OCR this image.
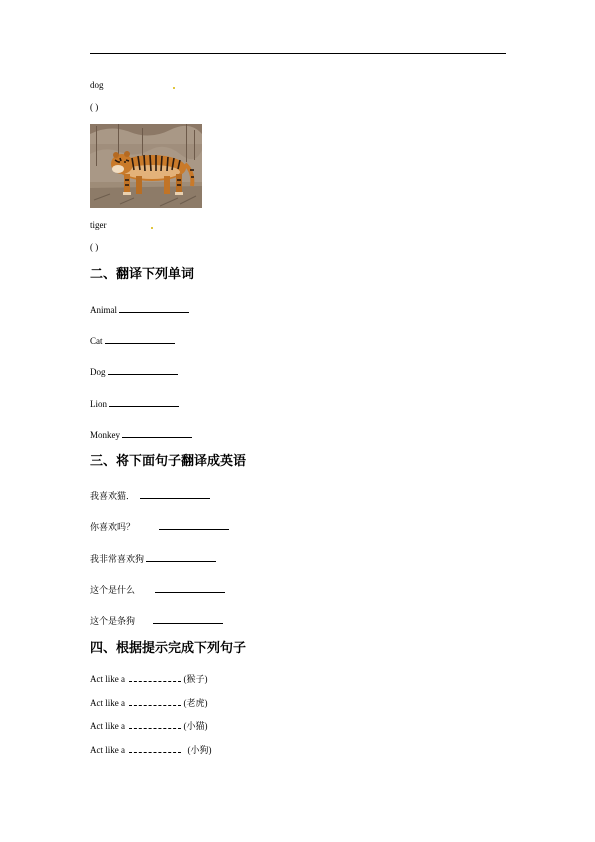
dog
( )
tiger
( )
二、翻译下列单词
Animal
Cat
Dog
Lion
Monkey
三、将下面句子翻译成英语
我喜欢猫．
你喜欢吗？
我非常喜欢狗
这个是什么
这个是条狗
四、根据提示完成下列句子
Act like a	(猴子)
Act like a	(老虎)
Act like a	(小猫)
Act like a	(小狗)
